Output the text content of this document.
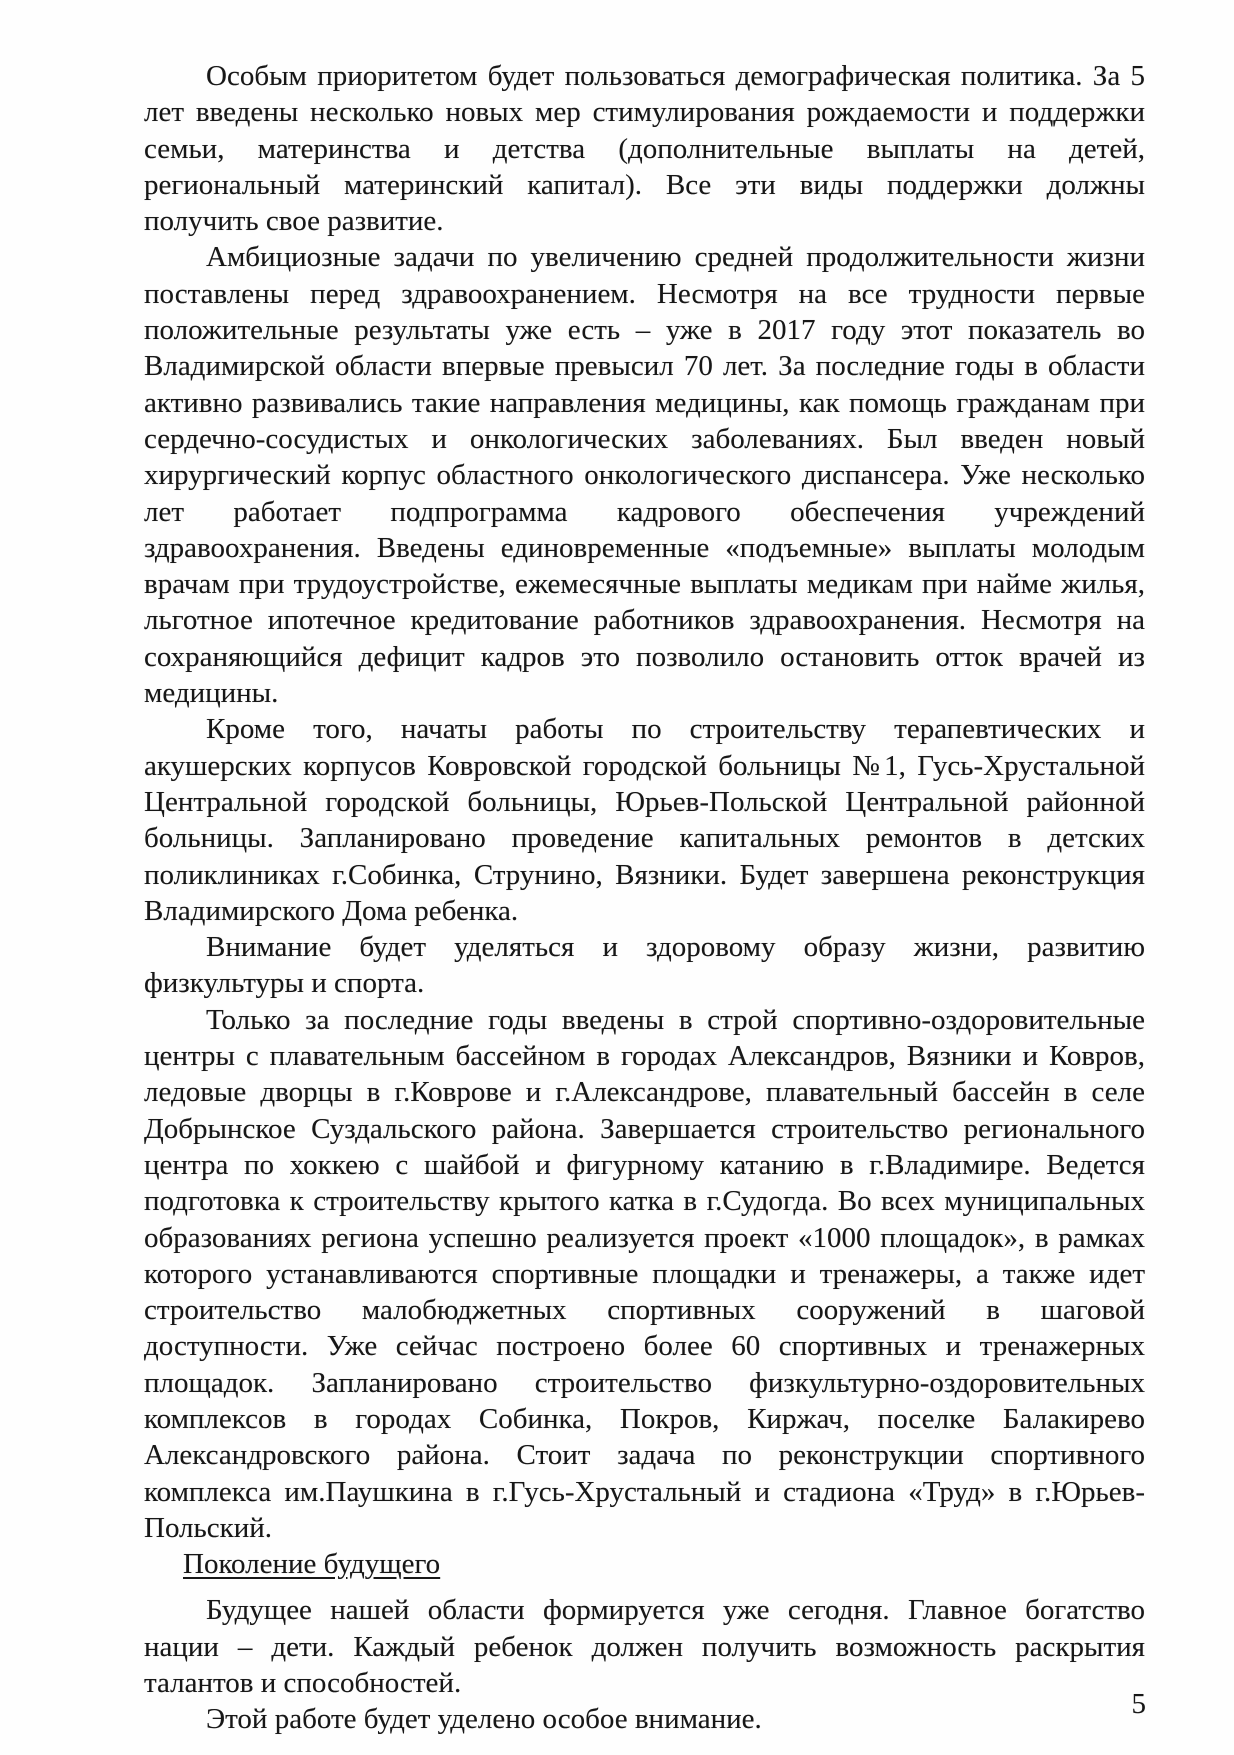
Особым приоритетом будет пользоваться демографическая политика. За 5 лет введены несколько новых мер стимулирования рождаемости и поддержки семьи, материнства и детства (дополнительные выплаты на детей, региональный материнский капитал). Все эти виды поддержки должны получить свое развитие.

Амбициозные задачи по увеличению средней продолжительности жизни поставлены перед здравоохранением. Несмотря на все трудности первые положительные результаты уже есть – уже в 2017 году этот показатель во Владимирской области впервые превысил 70 лет. За последние годы в области активно развивались такие направления медицины, как помощь гражданам при сердечно-сосудистых и онкологических заболеваниях. Был введен новый хирургический корпус областного онкологического диспансера. Уже несколько лет работает подпрограмма кадрового обеспечения учреждений здравоохранения. Введены единовременные «подъемные» выплаты молодым врачам при трудоустройстве, ежемесячные выплаты медикам при найме жилья, льготное ипотечное кредитование работников здравоохранения. Несмотря на сохраняющийся дефицит кадров это позволило остановить отток врачей из медицины.

Кроме того, начаты работы по строительству терапевтических и акушерских корпусов Ковровской городской больницы №1, Гусь-Хрустальной Центральной городской больницы, Юрьев-Польской Центральной районной больницы. Запланировано проведение капитальных ремонтов в детских поликлиниках г.Собинка, Струнино, Вязники. Будет завершена реконструкция Владимирского Дома ребенка.

Внимание будет уделяться и здоровому образу жизни, развитию физкультуры и спорта.

Только за последние годы введены в строй спортивно-оздоровительные центры с плавательным бассейном в городах Александров, Вязники и Ковров, ледовые дворцы в г.Коврове и г.Александрове, плавательный бассейн в селе Добрынское Суздальского района. Завершается строительство регионального центра по хоккею с шайбой и фигурному катанию в г.Владимире. Ведется подготовка к строительству крытого катка в г.Судогда. Во всех муниципальных образованиях региона успешно реализуется проект «1000 площадок», в рамках которого устанавливаются спортивные площадки и тренажеры, а также идет строительство малобюджетных спортивных сооружений в шаговой доступности. Уже сейчас построено более 60 спортивных и тренажерных площадок. Запланировано строительство физкультурно-оздоровительных комплексов в городах Собинка, Покров, Киржач, поселке Балакирево Александровского района. Стоит задача по реконструкции спортивного комплекса им.Паушкина в г.Гусь-Хрустальный и стадиона «Труд» в г.Юрьев-Польский.

Поколение будущего

Будущее нашей области формируется уже сегодня. Главное богатство нации – дети. Каждый ребенок должен получить возможность раскрытия талантов и способностей.

Этой работе будет уделено особое внимание.	5
